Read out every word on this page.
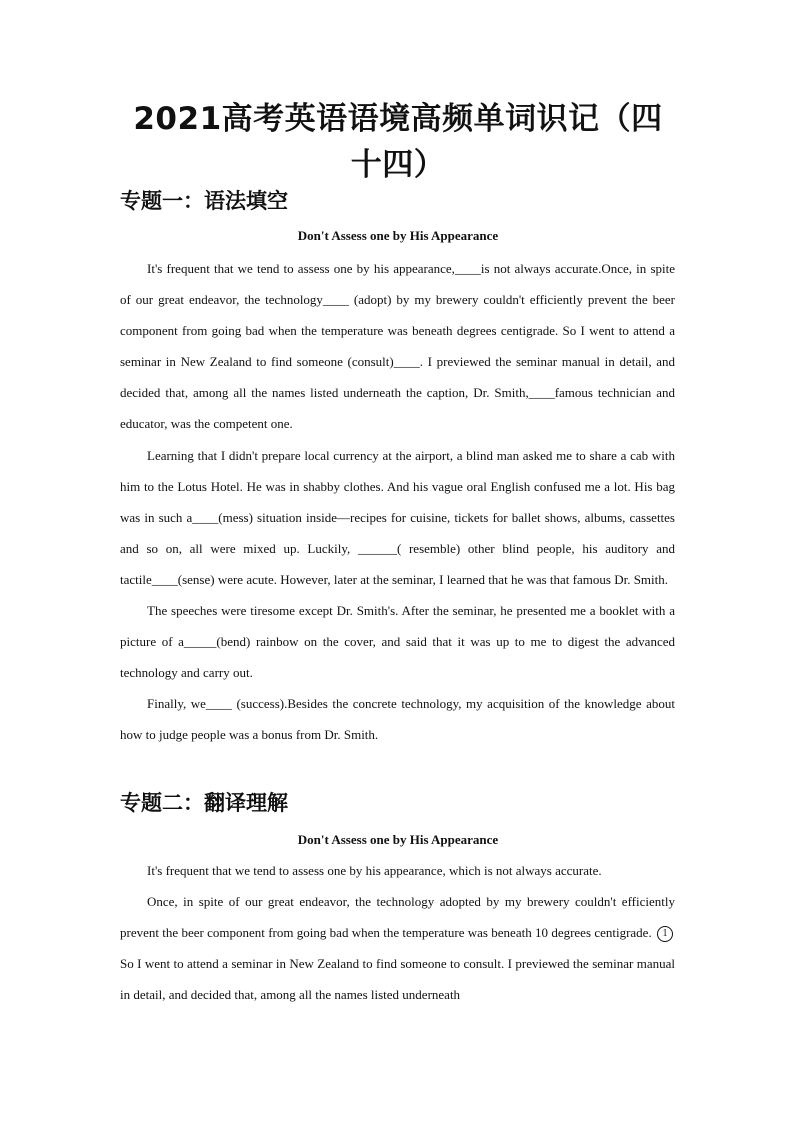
2021高考英语语境高频单词识记（四十四）
专题一：语法填空
Don't Assess one by His Appearance

It's frequent that we tend to assess one by his appearance,____is not always accurate.Once, in spite of our great endeavor, the technology____ (adopt) by my brewery couldn't efficiently prevent the beer component from going bad when the temperature was beneath degrees centigrade. So I went to attend a seminar in New Zealand to find someone (consult)____. I previewed the seminar manual in detail, and decided that, among all the names listed underneath the caption, Dr. Smith,____famous technician and educator, was the competent one.

Learning that I didn't prepare local currency at the airport, a blind man asked me to share a cab with him to the Lotus Hotel. He was in shabby clothes. And his vague oral English confused me a lot. His bag was in such a____(mess) situation inside—recipes for cuisine, tickets for ballet shows, albums, cassettes and so on, all were mixed up. Luckily, ______( resemble) other blind people, his auditory and tactile____(sense) were acute. However, later at the seminar, I learned that he was that famous Dr. Smith.

The speeches were tiresome except Dr. Smith's. After the seminar, he presented me a booklet with a picture of a_____(bend) rainbow on the cover, and said that it was up to me to digest the advanced technology and carry out.

Finally, we____ (success).Besides the concrete technology, my acquisition of the knowledge about how to judge people was a bonus from Dr. Smith.

专题二：翻译理解
Don't Assess one by His Appearance

It's frequent that we tend to assess one by his appearance, which is not always accurate.

Once, in spite of our great endeavor, the technology adopted by my brewery couldn't efficiently prevent the beer component from going bad when the temperature was beneath 10 degrees centigrade. 1 So I went to attend a seminar in New Zealand to find someone to consult. I previewed the seminar manual in detail, and decided that, among all the names listed underneath
